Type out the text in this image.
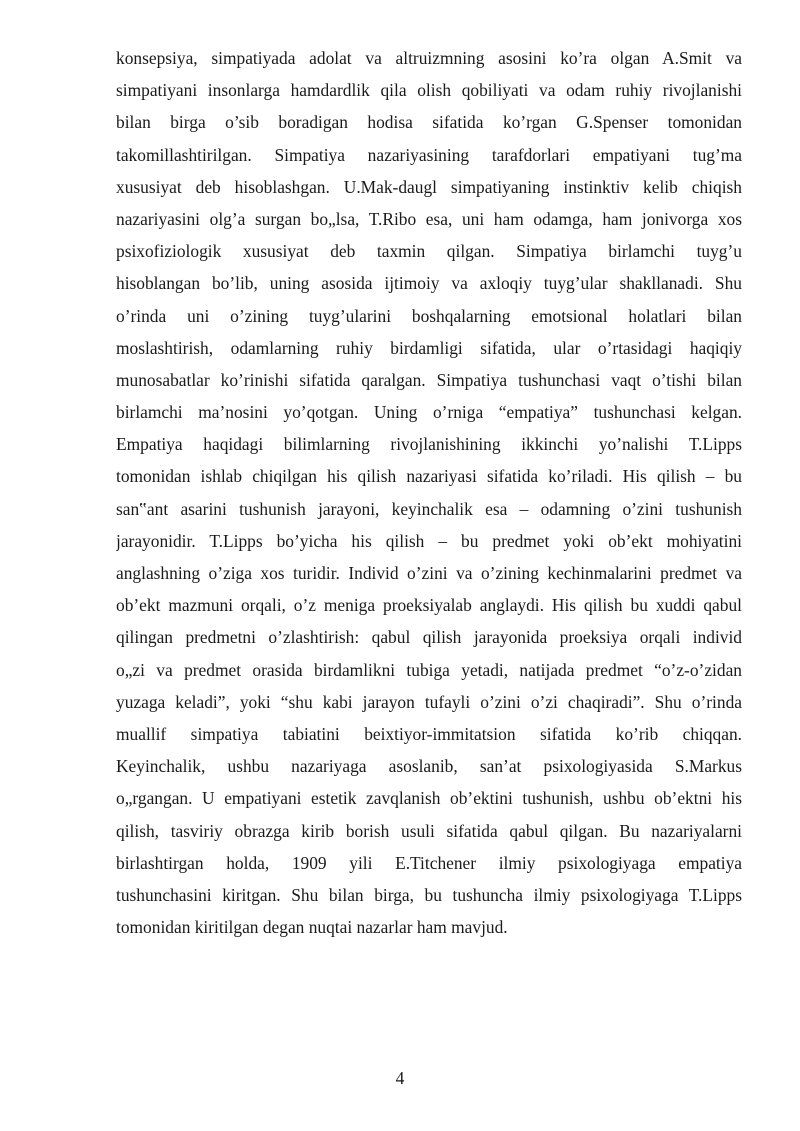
konsepsiya, simpatiyada adolat va altruizmning asosini ko’ra olgan A.Smit va
simpatiyani insonlarga hamdardlik qila olish qobiliyati va odam ruhiy rivojlanishi
bilan birga o’sib boradigan hodisa sifatida ko’rgan G.Spenser tomonidan
takomillashtirilgan. Simpatiya nazariyasining tarafdorlari empatiyani tug’ma
xususiyat deb hisoblashgan. U.Mak-daugl simpatiyaning instinktiv kelib chiqish
nazariyasini olg’a surgan bo„lsa, T.Ribo esa, uni ham odamga, ham jonivorga xos
psixofiziologik xususiyat deb taxmin qilgan. Simpatiya birlamchi tuyg’u
hisoblangan bo’lib, uning asosida ijtimoiy va axloqiy tuyg’ular shakllanadi. Shu
o’rinda uni o’zining tuyg’ularini boshqalarning emotsional holatlari bilan
moslashtirish, odamlarning ruhiy birdamligi sifatida, ular o’rtasidagi haqiqiy
munosabatlar ko’rinishi sifatida qaralgan. Simpatiya tushunchasi vaqt o’tishi bilan
birlamchi ma’nosini yo’qotgan. Uning o’rniga “empatiya” tushunchasi kelgan.
Empatiya haqidagi bilimlarning rivojlanishining ikkinchi yo’nalishi T.Lipps
tomonidan ishlab chiqilgan his qilish nazariyasi sifatida ko’riladi. His qilish – bu
san‟ant asarini tushunish jarayoni, keyinchalik esa – odamning o’zini tushunish
jarayonidir. T.Lipps bo’yicha his qilish – bu predmet yoki ob’ekt mohiyatini
anglashning o’ziga xos turidir. Individ o’zini va o’zining kechinmalarini predmet va
ob’ekt mazmuni orqali, o’z meniga proeksiyalab anglaydi. His qilish bu xuddi qabul
qilingan predmetni o’zlashtirish: qabul qilish jarayonida proeksiya orqali individ
o„zi va predmet orasida birdamlikni tubiga yetadi, natijada predmet “o’z-o’zidan
yuzaga keladi”, yoki “shu kabi jarayon tufayli o’zini o’zi chaqiradi”. Shu o’rinda
muallif simpatiya tabiatini beixtiyor-immitatsion sifatida ko’rib chiqqan.
Keyinchalik, ushbu nazariyaga asoslanib, san’at psixologiyasida S.Markus
o„rgangan. U empatiyani estetik zavqlanish ob’ektini tushunish, ushbu ob’ektni his
qilish, tasviriy obrazga kirib borish usuli sifatida qabul qilgan. Bu nazariyalarni
birlashtirgan holda, 1909 yili E.Titchener ilmiy psixologiyaga empatiya
tushunchasini kiritgan. Shu bilan birga, bu tushuncha ilmiy psixologiyaga T.Lipps
tomonidan kiritilgan degan nuqtai nazarlar ham mavjud.
4
